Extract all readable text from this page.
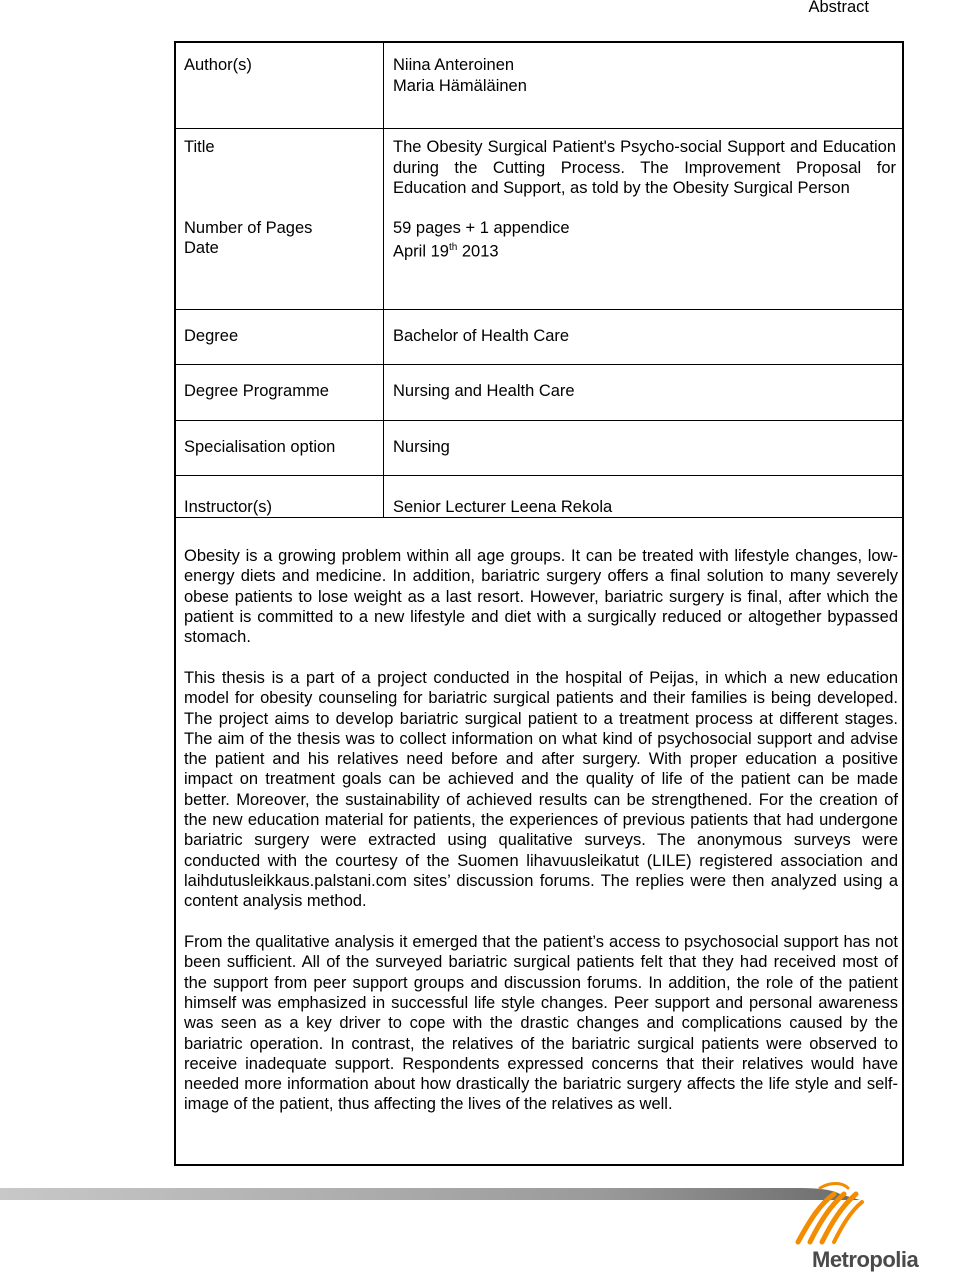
Abstract
Author(s)	Niina Anteroinen
Maria Hämäläinen
Title	The Obesity Surgical Patient's Psycho-social Support and Education during the Cutting Process. The Improvement Proposal for Education and Support, as told by the Obesity Surgical Person
Number of Pages	59 pages + 1 appendice
Date	April 19th 2013
Degree	Bachelor of Health Care
Degree Programme	Nursing and Health Care
Specialisation option	Nursing
Instructor(s)	Senior Lecturer Leena Rekola

Obesity is a growing problem within all age groups. It can be treated with lifestyle changes, low-energy diets and medicine. In addition, bariatric surgery offers a final solution to many severely obese patients to lose weight as a last resort. However, bariatric surgery is final, after which the patient is committed to a new lifestyle and diet with a surgically reduced or altogether bypassed stomach.

This thesis is a part of a project conducted in the hospital of Peijas, in which a new education model for obesity counseling for bariatric surgical patients and their families is being developed. The project aims to develop bariatric surgical patient to a treatment process at different stages. The aim of the thesis was to collect information on what kind of psychosocial support and advise the patient and his relatives need before and after surgery. With proper education a positive impact on treatment goals can be achieved and the quality of life of the patient can be made better. Moreover, the sustainability of achieved results can be strengthened. For the creation of the new education material for patients, the experiences of previous patients that had undergone bariatric surgery were extracted using qualitative surveys. The anonymous surveys were conducted with the courtesy of the Suomen lihavuusleikatut (LILE) registered association and laihdutusleikkaus.palstani.com sites’ discussion forums. The replies were then analyzed using a content analysis method.

From the qualitative analysis it emerged that the patient’s access to psychosocial support has not been sufficient. All of the surveyed bariatric surgical patients felt that they had received most of the support from peer support groups and discussion forums. In addition, the role of the patient himself was emphasized in successful life style changes. Peer support and personal awareness was seen as a key driver to cope with the drastic changes and complications caused by the bariatric operation. In contrast, the relatives of the bariatric surgical patients were observed to receive inadequate support. Respondents expressed concerns that their relatives would have needed more information about how drastically the bariatric surgery affects the life style and self-image of the patient, thus affecting the lives of the relatives as well.

Metropolia
